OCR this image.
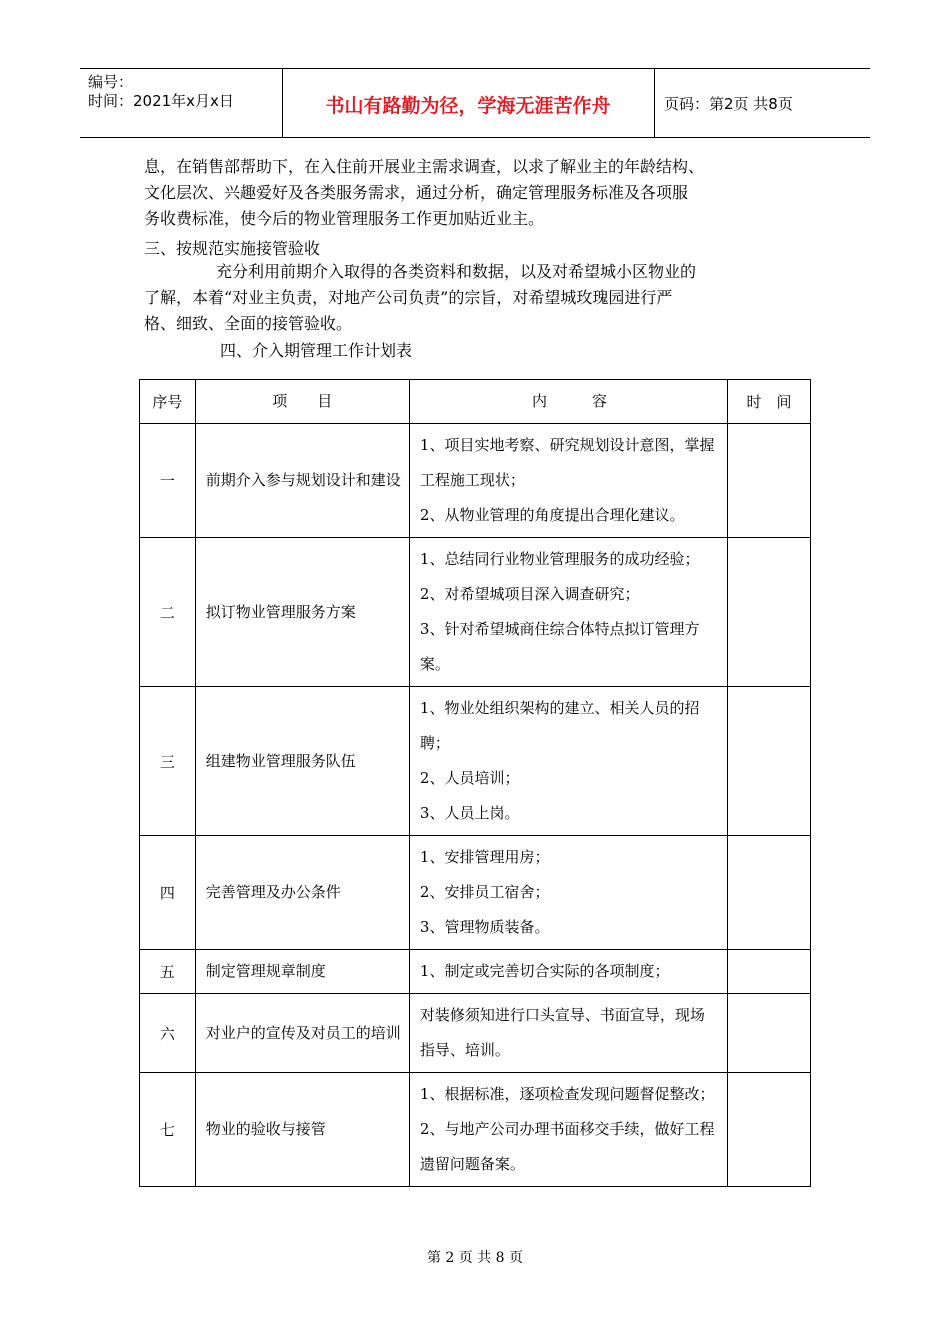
编号：
时间：2021年x月x日	书山有路勤为径，学海无涯苦作舟	页码：第2页 共8页
息，在销售部帮助下，在入住前开展业主需求调查，以求了解业主的年龄结构、
文化层次、兴趣爱好及各类服务需求，通过分析，确定管理服务标准及各项服
务收费标准，使今后的物业管理服务工作更加贴近业主。
三、按规范实施接管验收
充分利用前期介入取得的各类资料和数据，以及对希望城小区物业的
了解，本着“对业主负责，对地产公司负责”的宗旨，对希望城玫瑰园进行严
格、细致、全面的接管验收。
四、介入期管理工作计划表
序号	项　　目	内　　　容	时　间
一	前期介入参与规划设计和建设	1、项目实地考察、研究规划设计意图，掌握工程施工现状；
2、从物业管理的角度提出合理化建议。	

二	拟订物业管理服务方案	1、总结同行业物业管理服务的成功经验；
2、对希望城项目深入调查研究；
3、针对希望城商住综合体特点拟订管理方案。	

三	组建物业管理服务队伍	1、物业处组织架构的建立、相关人员的招聘；
2、人员培训；
3、人员上岗。	

四	完善管理及办公条件	1、安排管理用房；
2、安排员工宿舍；
3、管理物质装备。	

五	制定管理规章制度	1、制定或完善切合实际的各项制度；	

六	对业户的宣传及对员工的培训	对装修须知进行口头宣导、书面宣导，现场指导、培训。	

七	物业的验收与接管	1、根据标准，逐项检查发现问题督促整改；
2、与地产公司办理书面移交手续，做好工程遗留问题备案。	

第 2 页 共 8 页
